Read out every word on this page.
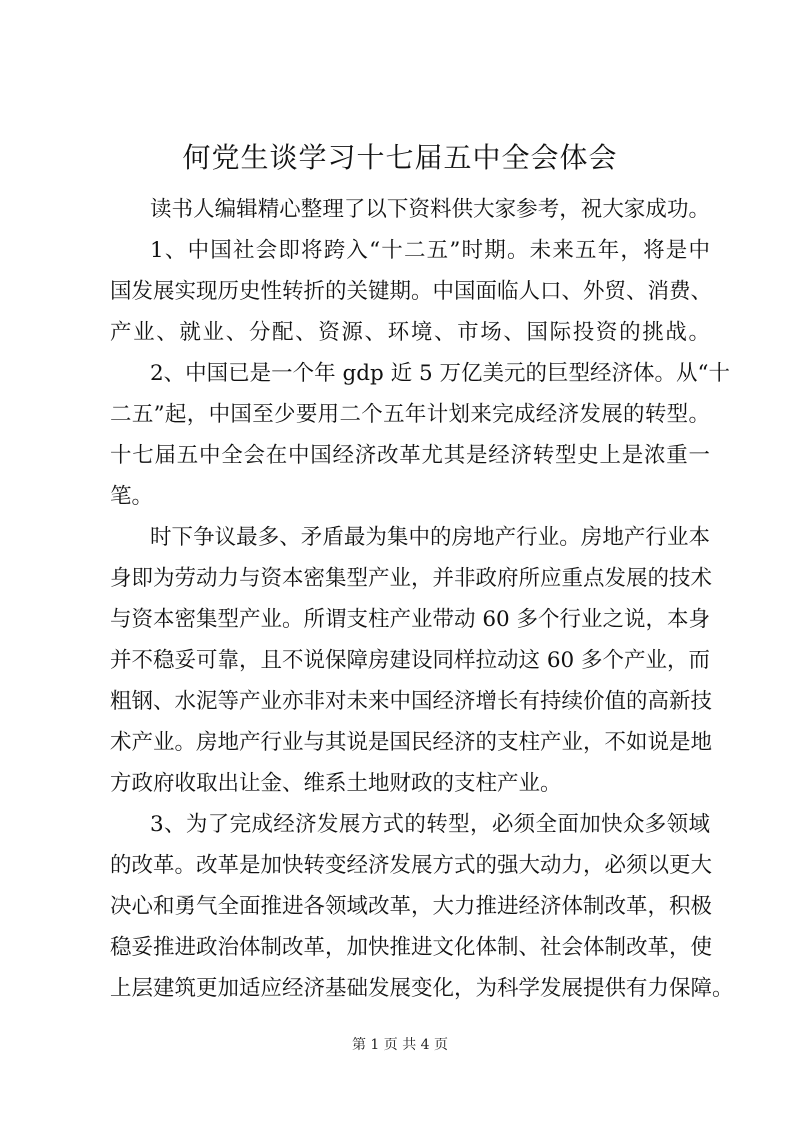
何党生谈学习十七届五中全会体会

读书人编辑精心整理了以下资料供大家参考，祝大家成功。

1、中国社会即将跨入“十二五”时期。未来五年，将是中

国发展实现历史性转折的关键期。中国面临人口、外贸、消费、

产业、就业、分配、资源、环境、市场、国际投资的挑战。

2、中国已是一个年 gdp 近 5 万亿美元的巨型经济体。从“十

二五”起，中国至少要用二个五年计划来完成经济发展的转型。

十七届五中全会在中国经济改革尤其是经济转型史上是浓重一

笔。

时下争议最多、矛盾最为集中的房地产行业。房地产行业本

身即为劳动力与资本密集型产业，并非政府所应重点发展的技术

与资本密集型产业。所谓支柱产业带动 60 多个行业之说，本身

并不稳妥可靠，且不说保障房建设同样拉动这 60 多个产业，而

粗钢、水泥等产业亦非对未来中国经济增长有持续价值的高新技

术产业。房地产行业与其说是国民经济的支柱产业，不如说是地

方政府收取出让金、维系土地财政的支柱产业。

3、为了完成经济发展方式的转型，必须全面加快众多领域

的改革。改革是加快转变经济发展方式的强大动力，必须以更大

决心和勇气全面推进各领域改革，大力推进经济体制改革，积极

稳妥推进政治体制改革，加快推进文化体制、社会体制改革，使

上层建筑更加适应经济基础发展变化，为科学发展提供有力保障。

第 1 页 共 4 页
